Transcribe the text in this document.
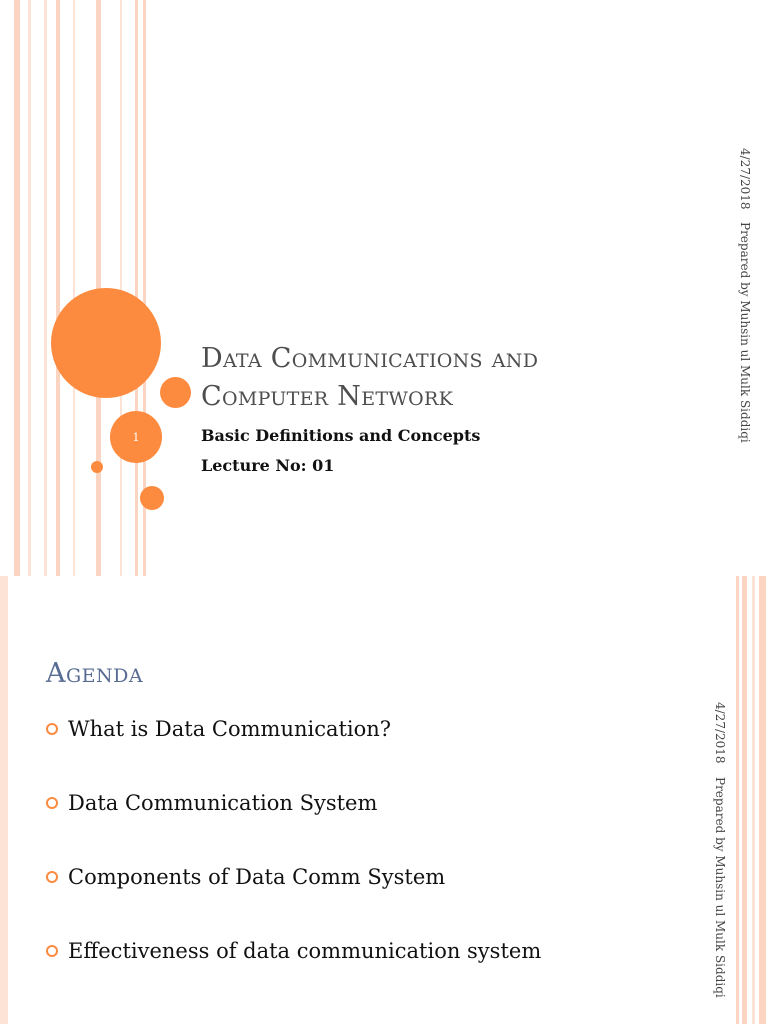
1
Data Communications and
Computer Network
Basic Definitions and Concepts
Lecture No: 01
4/27/2018
Prepared by Muhsin ul Mulk Siddiqi
Agenda
What is Data Communication?
Data Communication System
Components of Data Comm System
Effectiveness of data communication system
4/27/2018
Prepared by Muhsin ul Mulk Siddiqi
